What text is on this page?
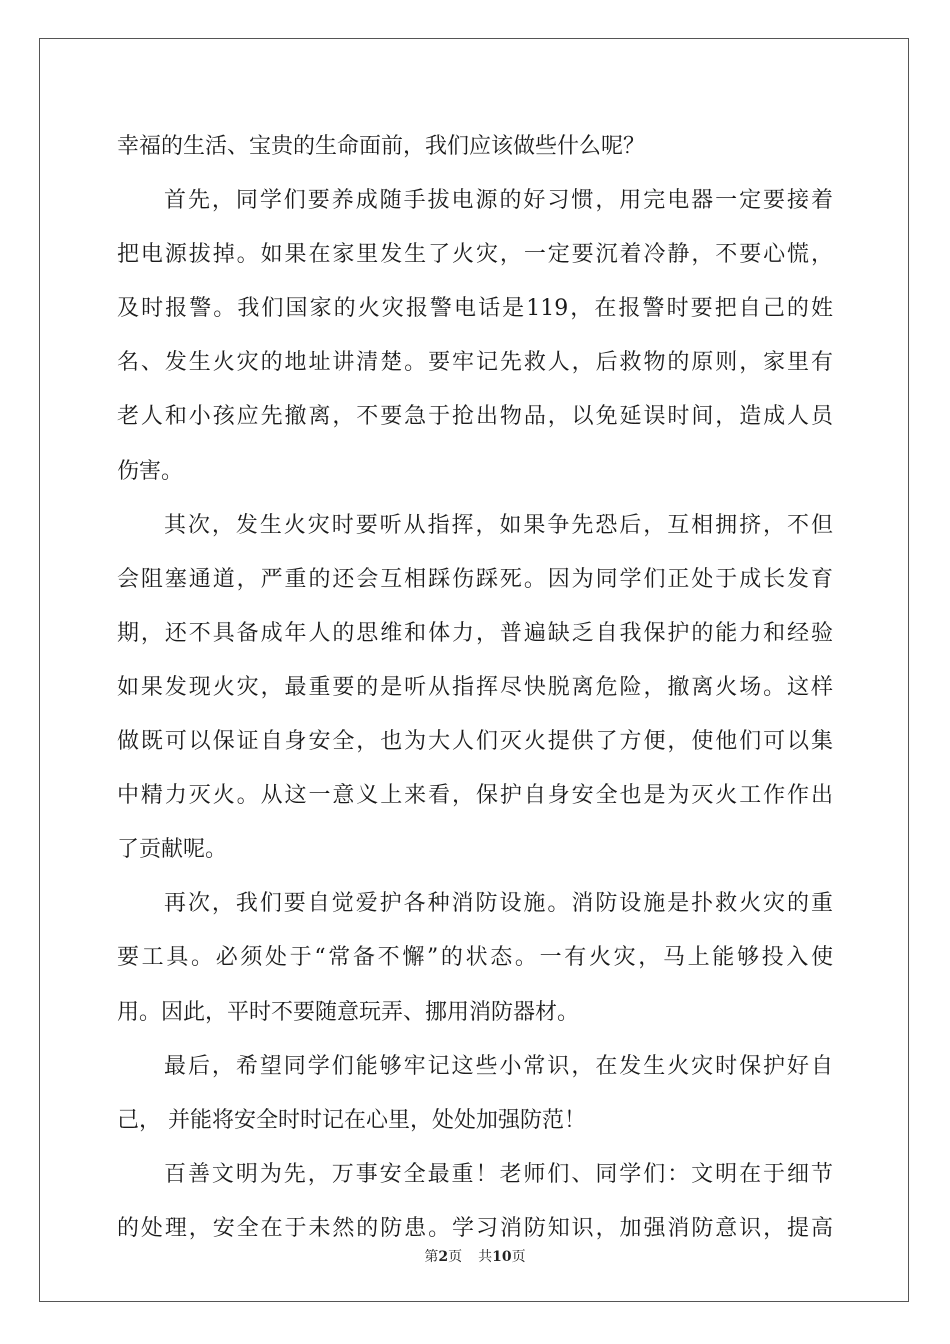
幸福的生活、宝贵的生命面前，我们应该做些什么呢？
首先，同学们要养成随手拔电源的好习惯，用完电器一定要接着
把电源拔掉。如果在家里发生了火灾，一定要沉着冷静，不要心慌，
及时报警。我们国家的火灾报警电话是119，在报警时要把自己的姓
名、发生火灾的地址讲清楚。要牢记先救人，后救物的原则，家里有
老人和小孩应先撤离，不要急于抢出物品，以免延误时间，造成人员
伤害。
其次，发生火灾时要听从指挥，如果争先恐后，互相拥挤，不但
会阻塞通道，严重的还会互相踩伤踩死。因为同学们正处于成长发育
期，还不具备成年人的思维和体力，普遍缺乏自我保护的能力和经验
如果发现火灾，最重要的是听从指挥尽快脱离危险，撤离火场。这样
做既可以保证自身安全，也为大人们灭火提供了方便，使他们可以集
中精力灭火。从这一意义上来看，保护自身安全也是为灭火工作作出
了贡献呢。
再次，我们要自觉爱护各种消防设施。消防设施是扑救火灾的重
要工具。必须处于“常备不懈”的状态。一有火灾，马上能够投入使
用。因此，平时不要随意玩弄、挪用消防器材。
最后，希望同学们能够牢记这些小常识，在发生火灾时保护好自
己， 并能将安全时时记在心里，处处加强防范！
百善文明为先，万事安全最重！老师们、同学们：文明在于细节
的处理，安全在于未然的防患。学习消防知识，加强消防意识，提高
第2页 共10页
